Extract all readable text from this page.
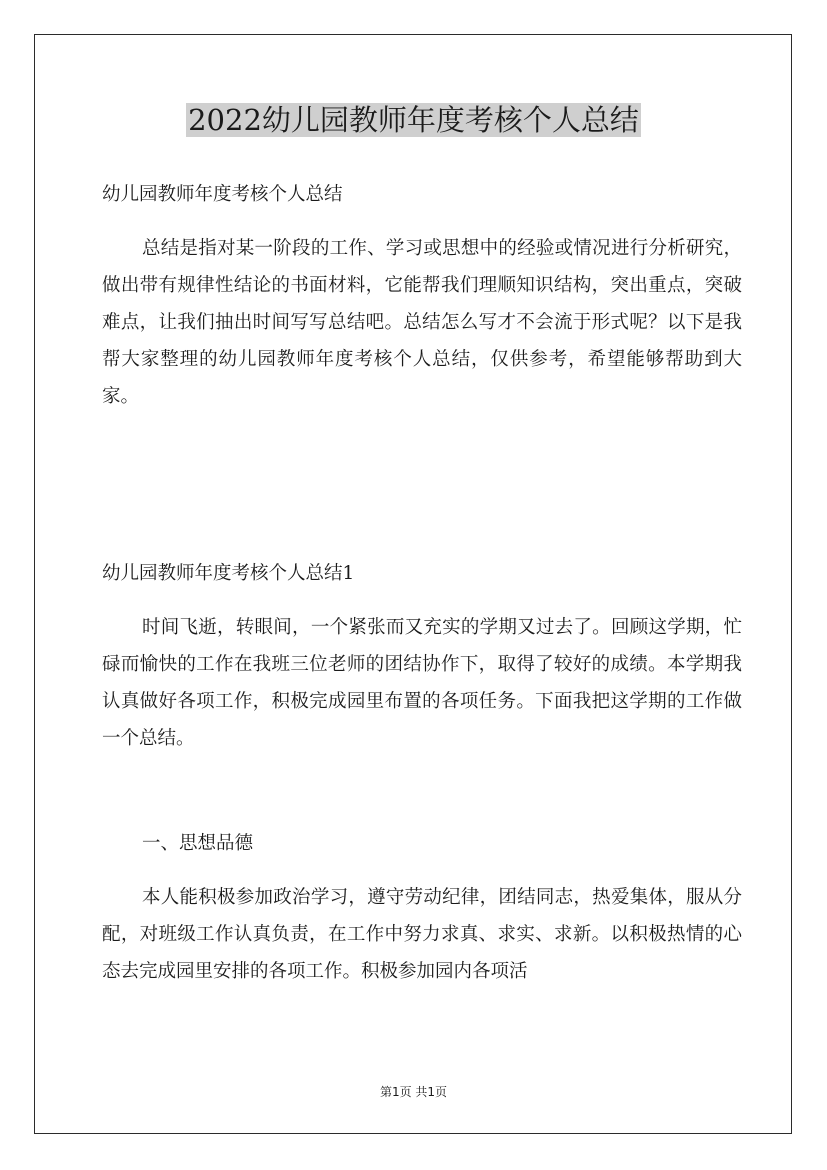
2022幼儿园教师年度考核个人总结

幼儿园教师年度考核个人总结

总结是指对某一阶段的工作、学习或思想中的经验或情况进行分析研究，做出带有规律性结论的书面材料，它能帮我们理顺知识结构，突出重点，突破难点，让我们抽出时间写写总结吧。总结怎么写才不会流于形式呢？以下是我帮大家整理的幼儿园教师年度考核个人总结，仅供参考，希望能够帮助到大家。

幼儿园教师年度考核个人总结1

时间飞逝，转眼间，一个紧张而又充实的学期又过去了。回顾这学期，忙碌而愉快的工作在我班三位老师的团结协作下，取得了较好的成绩。本学期我认真做好各项工作，积极完成园里布置的各项任务。下面我把这学期的工作做一个总结。

一、思想品德

本人能积极参加政治学习，遵守劳动纪律，团结同志，热爱集体，服从分配，对班级工作认真负责，在工作中努力求真、求实、求新。以积极热情的心态去完成园里安排的各项工作。积极参加园内各项活

第1页 共1页
